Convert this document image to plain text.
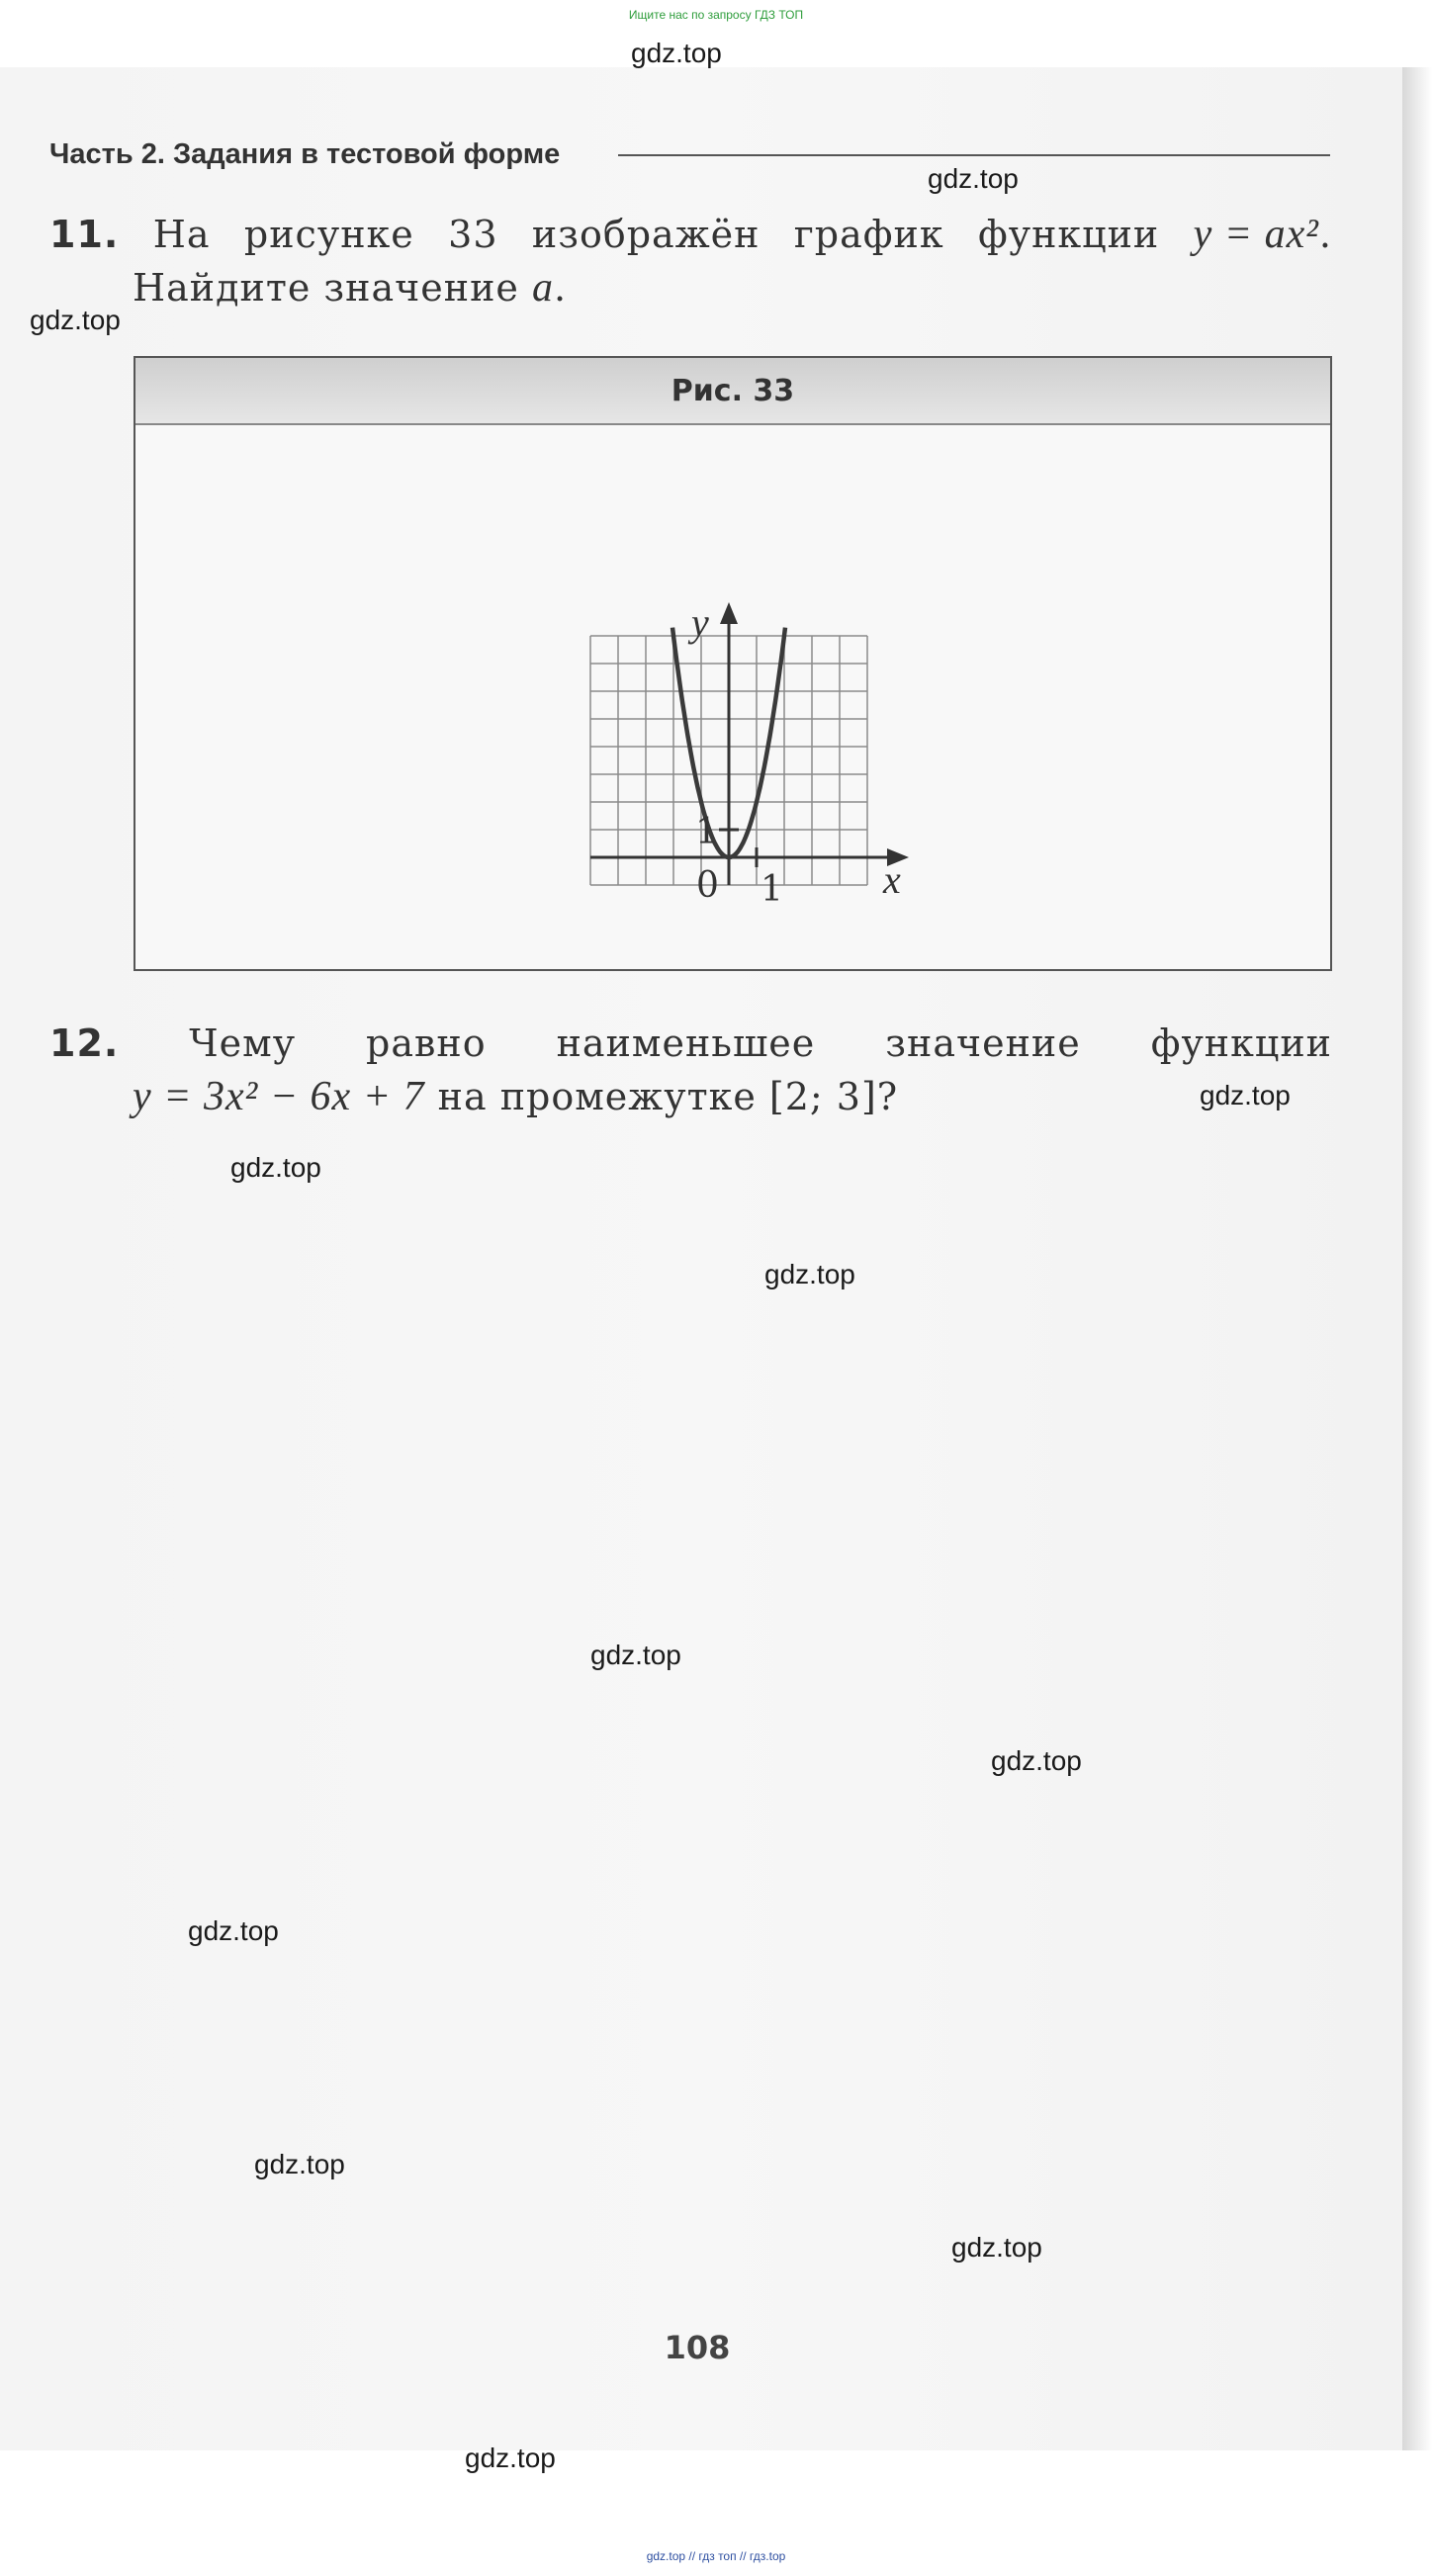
Ищите нас по запросу ГДЗ ТОП
gdz.top
gdz.top
gdz.top
gdz.top
gdz.top
gdz.top
gdz.top
gdz.top
gdz.top
gdz.top
gdz.top
gdz.top
Часть 2. Задания в тестовой форме
11. На рисунке 33 изображён график функции y = ax².
Найдите значение a.
Рис. 33
x
y
0 1
1
12. Чему равно наименьшее значение функции
y = 3x² − 6x + 7 на промежутке [2; 3]?
108
gdz.top // гдз топ // гдз.top
